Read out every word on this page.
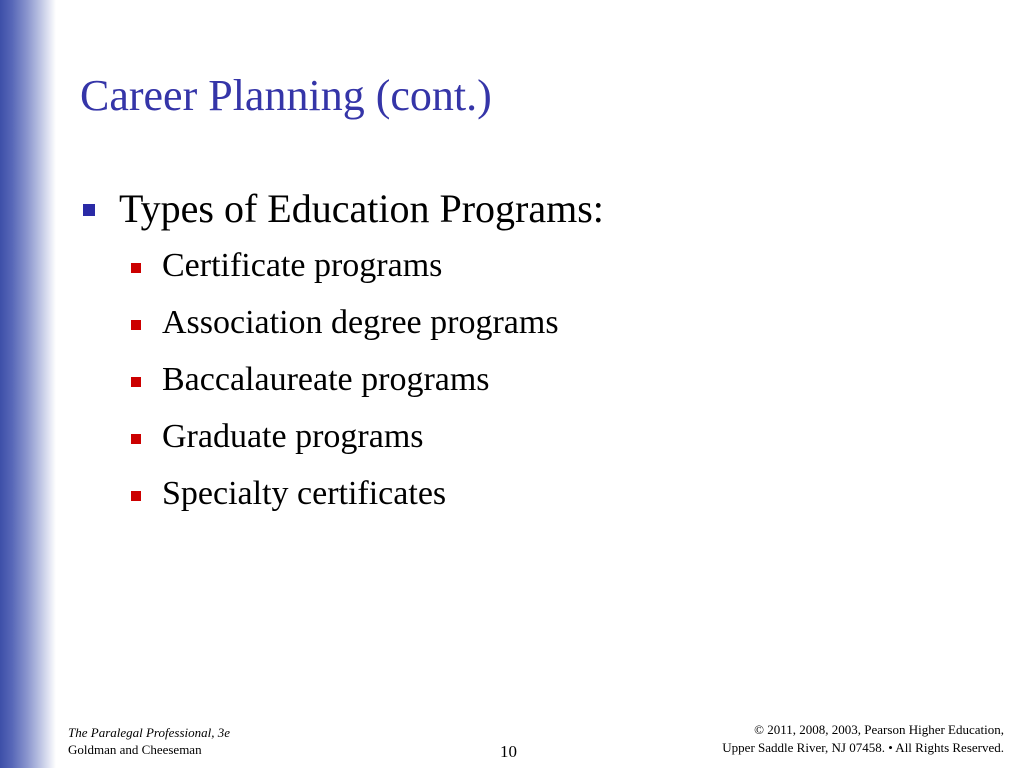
Career Planning (cont.)
Types of Education Programs:
Certificate programs
Association degree programs
Baccalaureate programs
Graduate programs
Specialty certificates
The Paralegal Professional, 3e
Goldman and Cheeseman	10
© 2011, 2008, 2003, Pearson Higher Education,
Upper Saddle River, NJ 07458. • All Rights Reserved.
